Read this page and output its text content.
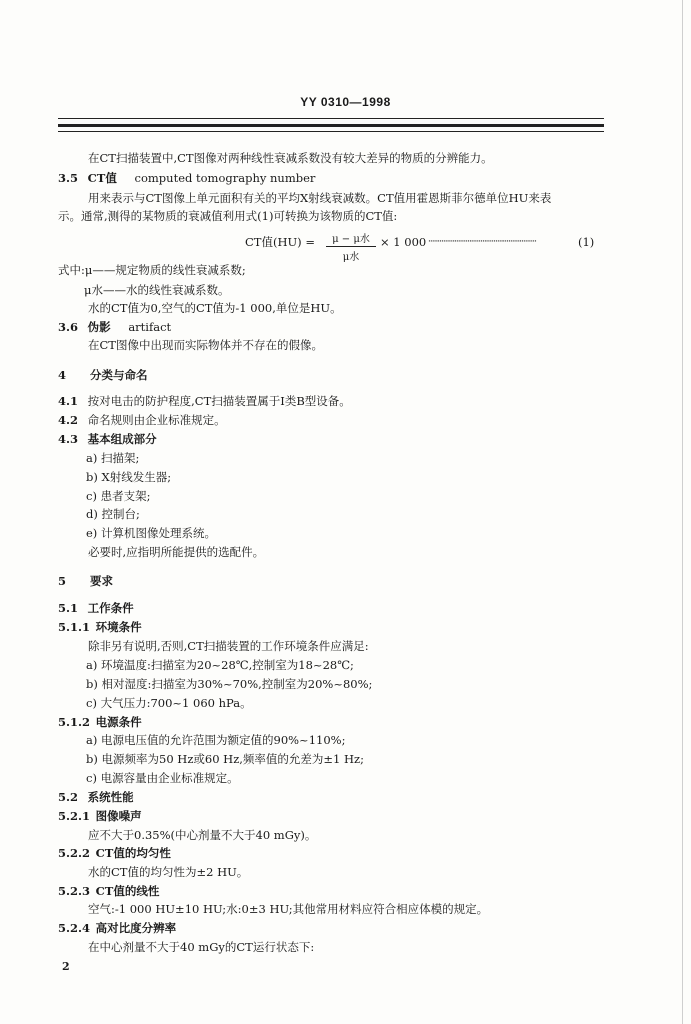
YY 0310—1998
在CT扫描装置中,CT图像对两种线性衰减系数没有较大差异的物质的分辨能力。
3.5 CT值 computed tomography number
用来表示与CT图像上单元面积有关的平均X射线衰减数。CT值用霍恩斯菲尔德单位HU来表
示。通常,测得的某物质的衰减值利用式(1)可转换为该物质的CT值:
CT值(HU) =	μ − μ水
μ水
× 1 000 ··························································	(1)
式中:μ——规定物质的线性衰减系数;
μ水——水的线性衰减系数。
水的CT值为0,空气的CT值为-1 000,单位是HU。
3.6 伪影 artifact
在CT图像中出现而实际物体并不存在的假像。
4 分类与命名
4.1 按对电击的防护程度,CT扫描装置属于Ⅰ类B型设备。
4.2 命名规则由企业标准规定。
4.3 基本组成部分
a) 扫描架;
b) X射线发生器;
c) 患者支架;
d) 控制台;
e) 计算机图像处理系统。
必要时,应指明所能提供的选配件。
5 要求
5.1 工作条件
5.1.1 环境条件
除非另有说明,否则,CT扫描装置的工作环境条件应满足:
a) 环境温度:扫描室为20~28℃,控制室为18~28℃;
b) 相对湿度:扫描室为30%~70%,控制室为20%~80%;
c) 大气压力:700~1 060 hPa。
5.1.2 电源条件
a) 电源电压值的允许范围为额定值的90%~110%;
b) 电源频率为50 Hz或60 Hz,频率值的允差为±1 Hz;
c) 电源容量由企业标准规定。
5.2 系统性能
5.2.1 图像噪声
应不大于0.35%(中心剂量不大于40 mGy)。
5.2.2 CT值的均匀性
水的CT值的均匀性为±2 HU。
5.2.3 CT值的线性
空气:-1 000 HU±10 HU;水:0±3 HU;其他常用材料应符合相应体模的规定。
5.2.4 高对比度分辨率
在中心剂量不大于40 mGy的CT运行状态下:
2
